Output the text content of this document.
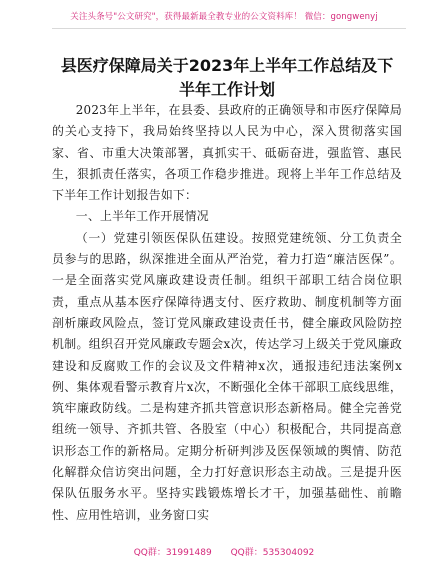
关注头条号"公文研究"，获得最新最全教专业的公文资料库！ 微信：gongwenyj
县医疗保障局关于2023年上半年工作总结及下半年工作计划

2023年上半年，在县委、县政府的正确领导和市医疗保障局的关心支持下，我局始终坚持以人民为中心，深入贯彻落实国家、省、市重大决策部署，真抓实干、砥砺奋进，强监管、惠民生，狠抓责任落实，各项工作稳步推进。现将上半年工作总结及下半年工作计划报告如下：

一、上半年工作开展情况

（一）党建引领医保队伍建设。按照党建统领、分工负责全员参与的思路，纵深推进全面从严治党，着力打造“廉洁医保”。一是全面落实党风廉政建设责任制。组织干部职工结合岗位职责，重点从基本医疗保障待遇支付、医疗救助、制度机制等方面剖析廉政风险点，签订党风廉政建设责任书，健全廉政风险防控机制。组织召开党风廉政专题会x次，传达学习上级关于党风廉政建设和反腐败工作的会议及文件精神x次，通报违纪违法案例x例、集体观看警示教育片x次，不断强化全体干部职工底线思维，筑牢廉政防线。二是构建齐抓共管意识形态新格局。健全完善党组统一领导、齐抓共管、各股室（中心）积极配合，共同提高意识形态工作的新格局。定期分析研判涉及医保领域的舆情、防范化解群众信访突出问题，全力打好意识形态主动战。三是提升医保队伍服务水平。坚持实践锻炼增长才干，加强基础性、前瞻性、应用性培训，业务窗口实

QQ群：31991489 QQ群：535304092
